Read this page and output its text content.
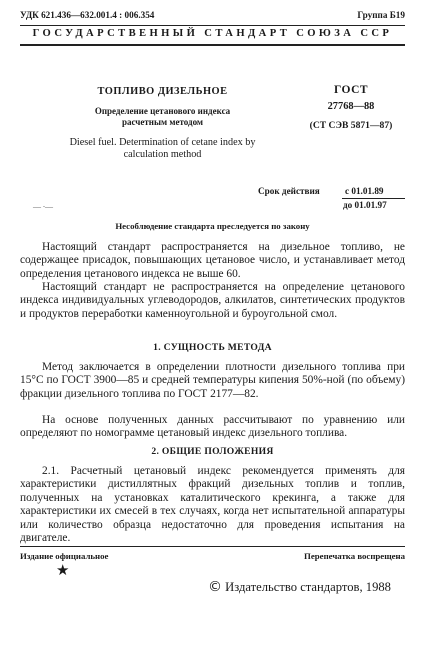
УДК 621.436—632.001.4 : 006.354	Группа Б19
ГОСУДАРСТВЕННЫЙ СТАНДАРТ СОЮЗА ССР
ТОПЛИВО ДИЗЕЛЬНОЕ
Определение цетанового индекса расчетным методом
Diesel fuel. Determination of cetane index by calculation method
ГОСТ
27768—88
(СТ СЭВ 5871—87)
Срок действия	с 01.01.89
до 01.01.97
__ .__
Несоблюдение стандарта преследуется по закону
Настоящий стандарт распространяется на дизельное топливо, не содержащее присадок, повышающих цетановое число, и устанавливает метод определения цетанового индекса не выше 60.
Настоящий стандарт не распространяется на определение цетанового индекса индивидуальных углеводородов, алкилатов, синтетических продуктов и продуктов переработки каменноугольной и буроугольной смол.
1. СУЩНОСТЬ МЕТОДА
Метод заключается в определении плотности дизельного топлива при 15°С по ГОСТ 3900—85 и средней температуры кипения 50%-ной (по объему) фракции дизельного топлива по ГОСТ 2177—82.
На основе полученных данных рассчитывают по уравнению или определяют по номограмме цетановый индекс дизельного топлива.
2. ОБЩИЕ ПОЛОЖЕНИЯ
2.1. Расчетный цетановый индекс рекомендуется применять для характеристики дистиллятных фракций дизельных топлив и топлив, полученных на установках каталитического крекинга, а также для характеристики их смесей в тех случаях, когда нет испытательной аппаратуры или количество образца недостаточно для проведения испытания на двигателе.
Издание официальное	Перепечатка воспрещена
★
© Издательство стандартов, 1988
